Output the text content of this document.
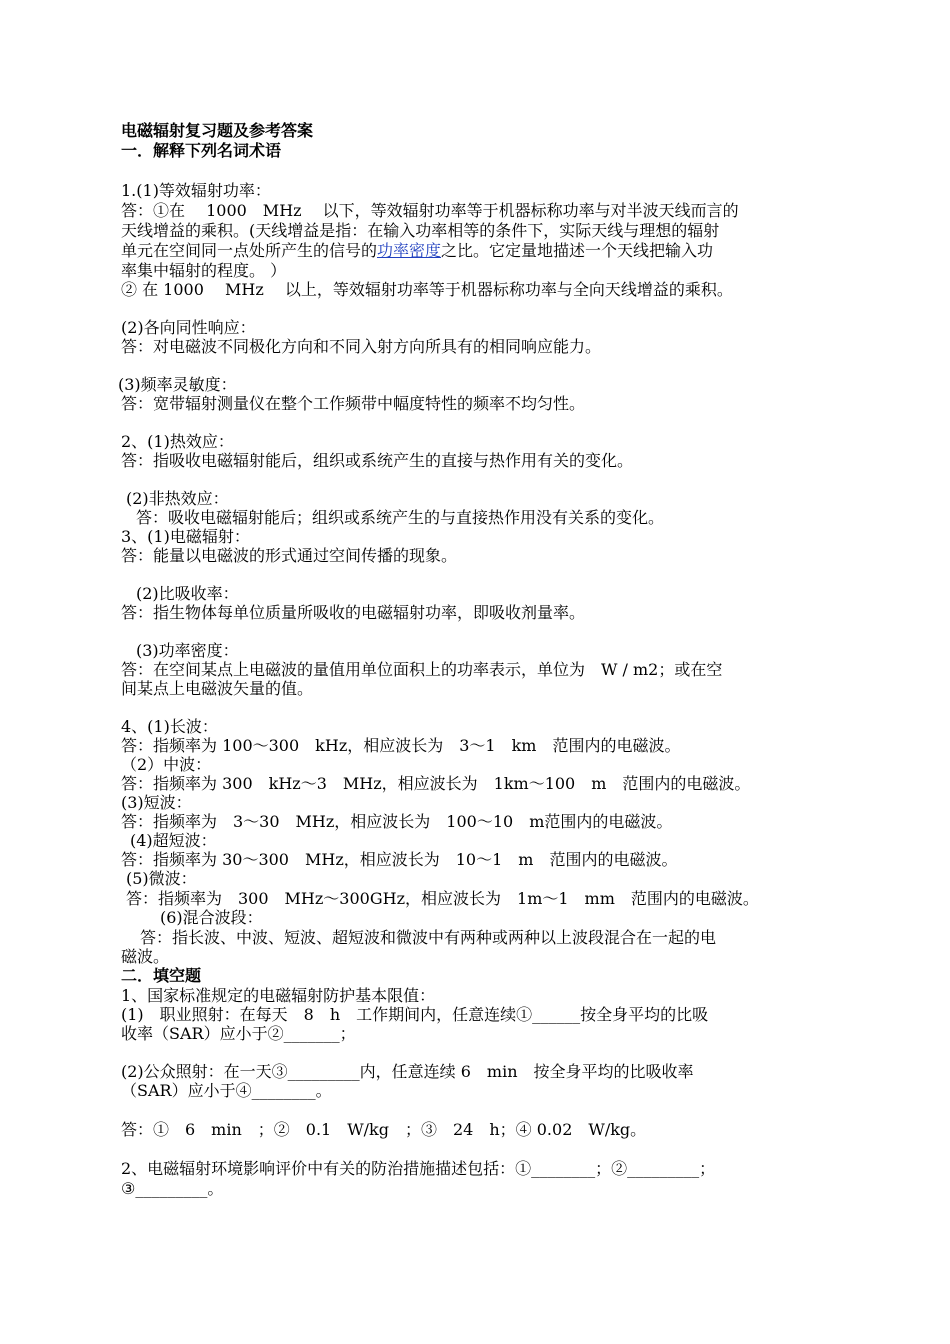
电磁辐射复习题及参考答案
一．解释下列名词术语
1.(1)等效辐射功率：
答：①在　 1000　MHz　 以下，等效辐射功率等于机器标称功率与对半波天线而言的
天线增益的乘积。(天线增益是指：在输入功率相等的条件下，实际天线与理想的辐射
单元在空间同一点处所产生的信号的功率密度之比。它定量地描述一个天线把输入功
率集中辐射的程度。 ）
② 在 1000　 MHz　 以上，等效辐射功率等于机器标称功率与全向天线增益的乘积。
(2)各向同性响应：
答：对电磁波不同极化方向和不同入射方向所具有的相同响应能力。
(3)频率灵敏度：
答：宽带辐射测量仪在整个工作频带中幅度特性的频率不均匀性。
2、(1)热效应：
答：指吸收电磁辐射能后，组织或系统产生的直接与热作用有关的变化。
(2)非热效应：
答：吸收电磁辐射能后；组织或系统产生的与直接热作用没有关系的变化。
3、(1)电磁辐射：
答：能量以电磁波的形式通过空间传播的现象。
(2)比吸收率：
答：指生物体每单位质量所吸收的电磁辐射功率，即吸收剂量率。
(3)功率密度：
答：在空间某点上电磁波的量值用单位面积上的功率表示，单位为　W / m2；或在空
间某点上电磁波矢量的值。
4、(1)长波：
答：指频率为 100～300　kHz，相应波长为　3～1　km　范围内的电磁波。
（2）中波：
答：指频率为 300　kHz～3　MHz，相应波长为　1km～100　m　范围内的电磁波。
(3)短波：
答：指频率为　3～30　MHz，相应波长为　100～10　m范围内的电磁波。
(4)超短波：
答：指频率为 30～300　MHz，相应波长为　10～1　m　范围内的电磁波。
(5)微波：
答：指频率为　300　MHz～300GHz，相应波长为　1m～1　mm　范围内的电磁波。
(6)混合波段：
答：指长波、中波、短波、超短波和微波中有两种或两种以上波段混合在一起的电
磁波。
二．填空题
1、国家标准规定的电磁辐射防护基本限值：
(1)　职业照射：在每天　8　h　工作期间内，任意连续①______按全身平均的比吸
收率（SAR）应小于②_______；
(2)公众照射：在一天③_________内，任意连续 6　min　按全身平均的比吸收率
（SAR）应小于④________。
答：①　6　min　；②　0.1　W/kg　；③　24　h；④ 0.02　W/kg。
2、电磁辐射环境影响评价中有关的防治措施描述包括：①________；②_________；
③_________。
